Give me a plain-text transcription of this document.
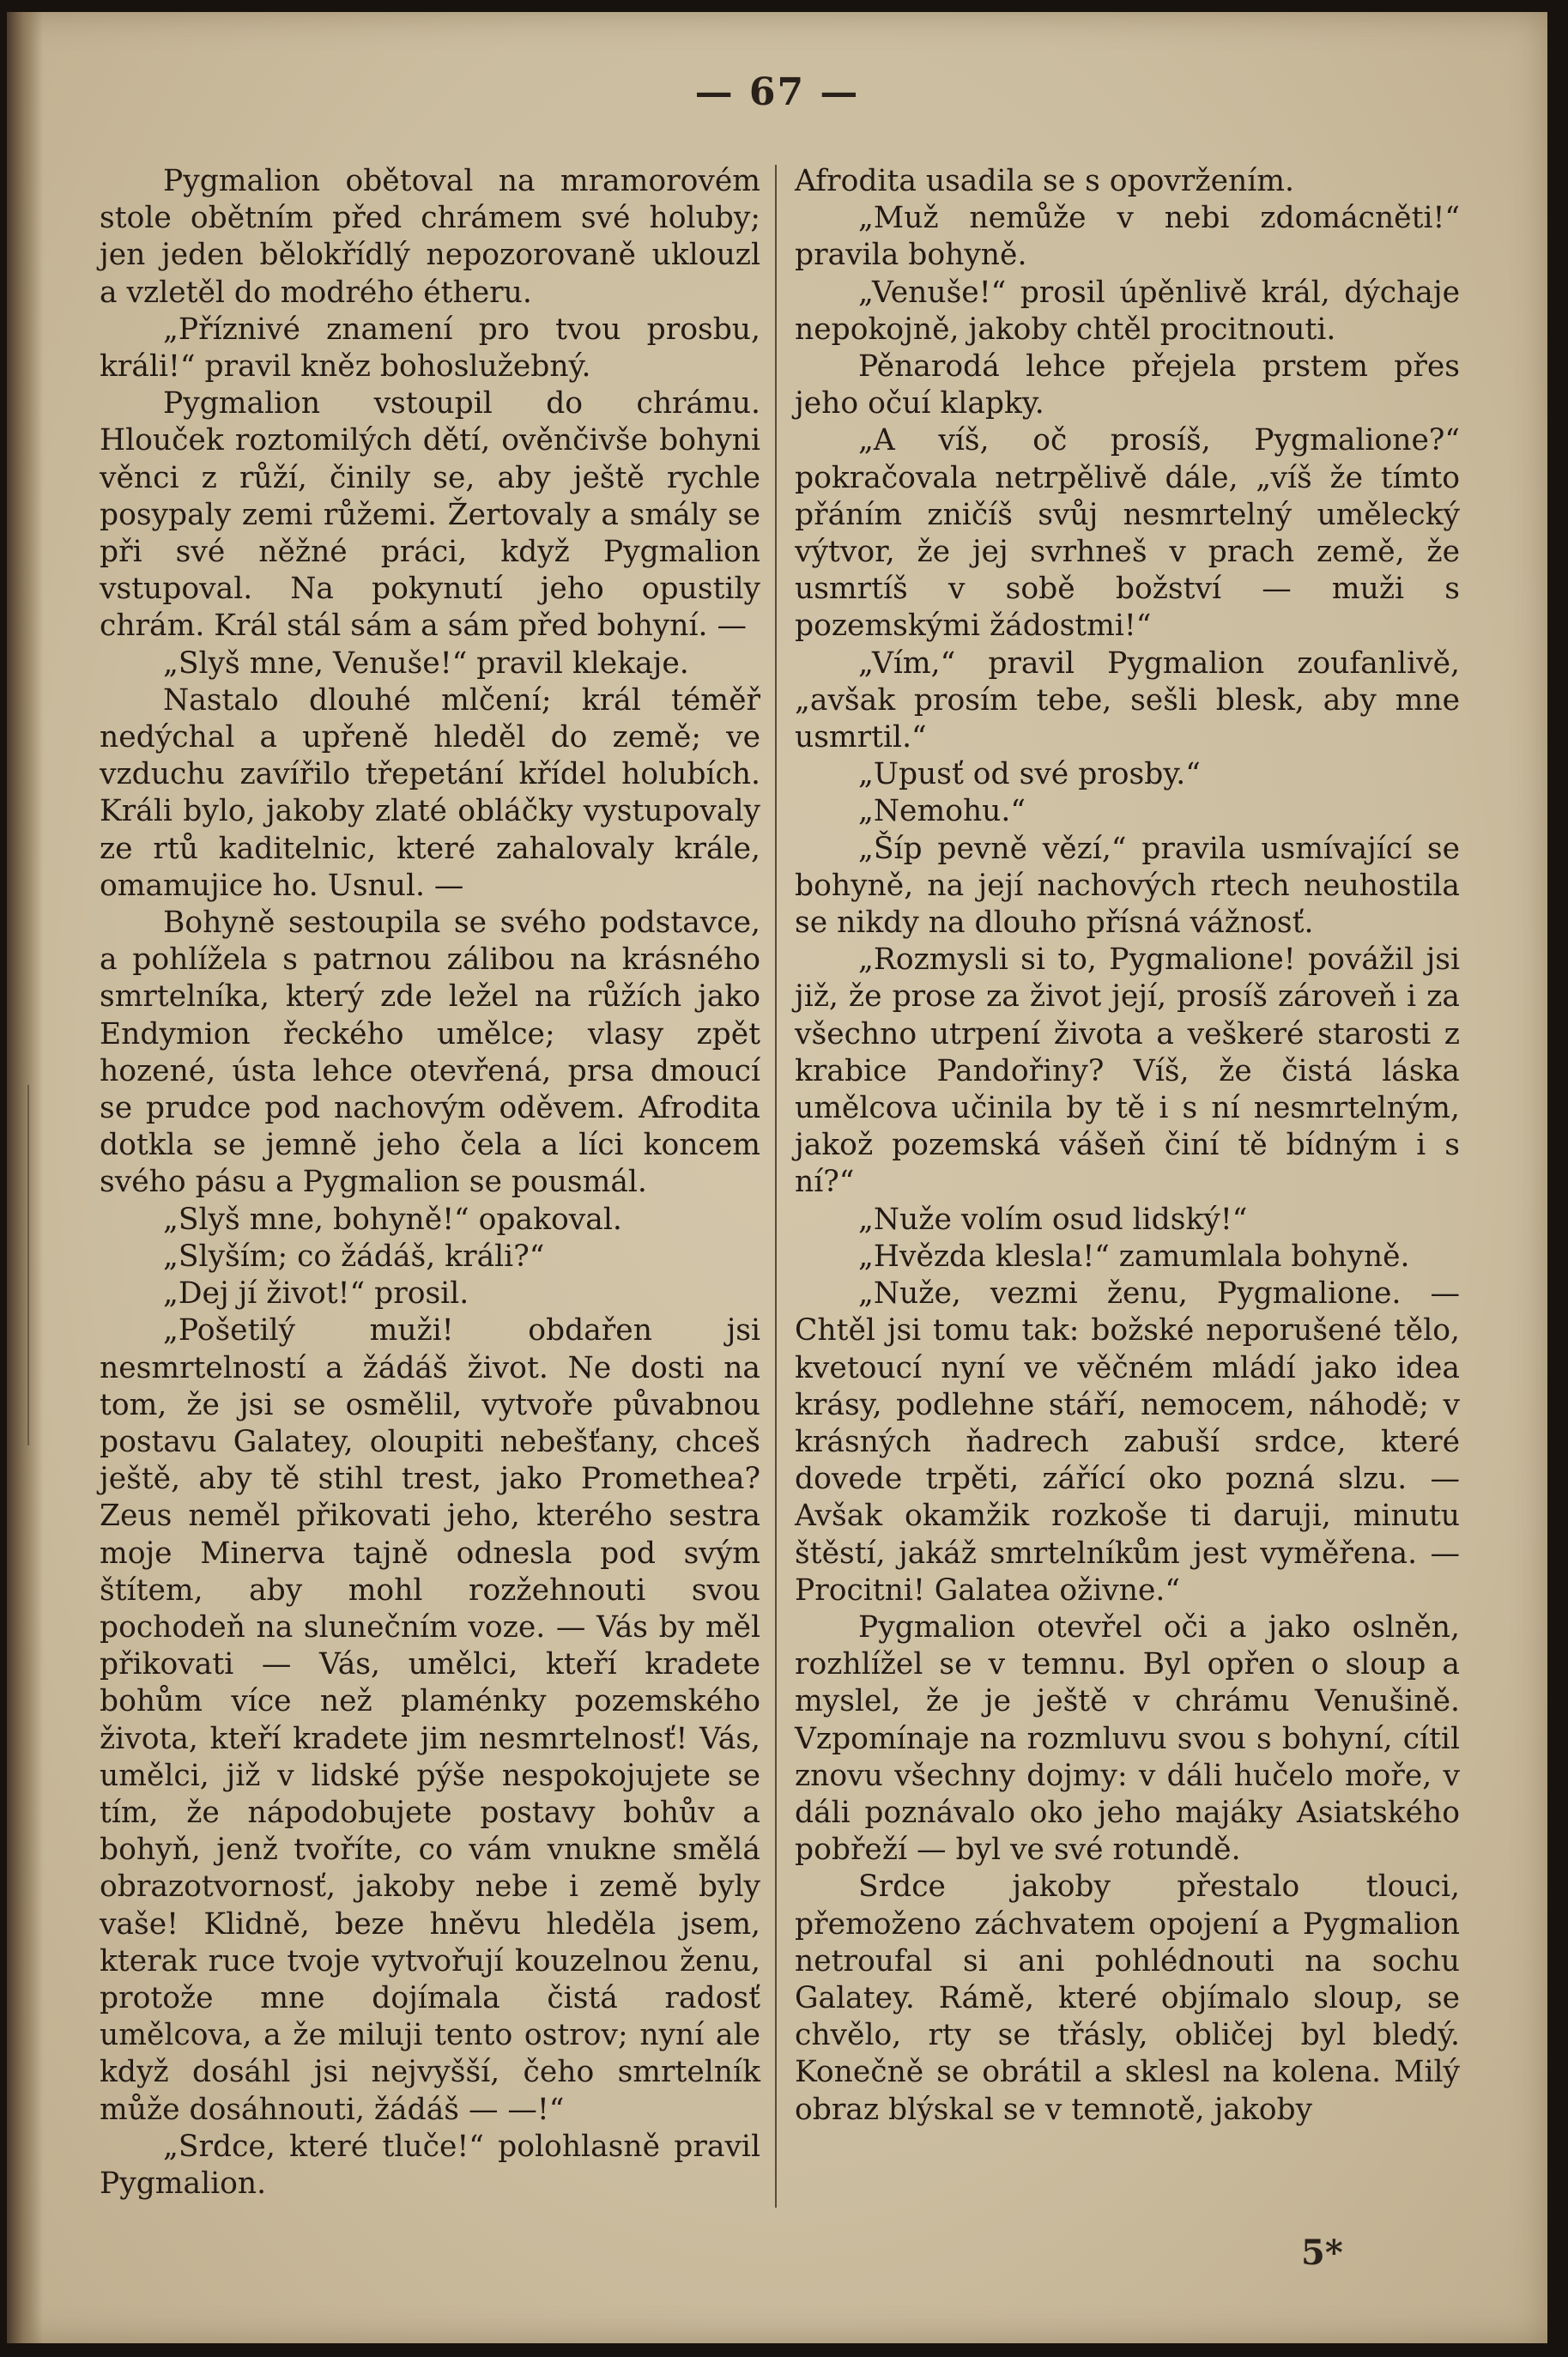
— 67 —

Pygmalion obětoval na mramorovém stole obětním před chrámem své holuby; jen jeden bělokřídlý nepozorovaně uklouzl a vzletěl do modrého étheru.

„Příznivé znamení pro tvou prosbu, králi!“ pravil kněz bohoslužebný.

Pygmalion vstoupil do chrámu. Hlouček roztomilých dětí, ověnčivše bohyni věnci z růží, činily se, aby ještě rychle posypaly zemi růžemi. Žertovaly a smály se při své něžné práci, když Pygmalion vstupoval. Na pokynutí jeho opustily chrám. Král stál sám a sám před bohyní. —

„Slyš mne, Venuše!“ pravil klekaje.

Nastalo dlouhé mlčení; král téměř nedýchal a upřeně hleděl do země; ve vzduchu zavířilo třepetání křídel holubích. Králi bylo, jakoby zlaté obláčky vystupovaly ze rtů kaditelnic, které zahalovaly krále, omamujice ho. Usnul. —

Bohyně sestoupila se svého podstavce, a pohlížela s patrnou zálibou na krásného smrtelníka, který zde ležel na růžích jako Endymion řeckého umělce; vlasy zpět hozené, ústa lehce otevřená, prsa dmoucí se prudce pod nachovým oděvem. Afrodita dotkla se jemně jeho čela a líci koncem svého pásu a Pygmalion se pousmál.

„Slyš mne, bohyně!“ opakoval.

„Slyším; co žádáš, králi?“

„Dej jí život!“ prosil.

„Pošetilý muži! obdařen jsi nesmrtelností a žádáš život. Ne dosti na tom, že jsi se osmělil, vytvoře půvabnou postavu Galatey, oloupiti nebešťany, chceš ještě, aby tě stihl trest, jako Promethea? Zeus neměl přikovati jeho, kterého sestra moje Minerva tajně odnesla pod svým štítem, aby mohl rozžehnouti svou pochodeň na slunečním voze. — Vás by měl přikovati — Vás, umělci, kteří kradete bohům více než plaménky pozemského života, kteří kradete jim nesmrtelnosť! Vás, umělci, již v lidské pýše nespokojujete se tím, že nápodobujete postavy bohův a bohyň, jenž tvoříte, co vám vnukne smělá obrazotvornosť, jakoby nebe i země byly vaše! Klidně, beze hněvu hleděla jsem, kterak ruce tvoje vytvořují kouzelnou ženu, protože mne dojímala čistá radosť umělcova, a že miluji tento ostrov; nyní ale když dosáhl jsi nejvyšší, čeho smrtelník může dosáhnouti, žádáš — —!“

„Srdce, které tluče!“ polohlasně pravil Pygmalion.

Afrodita usadila se s opovržením.

„Muž nemůže v nebi zdomácněti!“ pravila bohyně.

„Venuše!“ prosil úpěnlivě král, dýchaje nepokojně, jakoby chtěl procitnouti.

Pěnarodá lehce přejela prstem přes jeho očuí klapky.

„A víš, oč prosíš, Pygmalione?“ pokračovala netrpělivě dále, „víš že tímto přáním zničíš svůj nesmrtelný umělecký výtvor, že jej svrhneš v prach země, že usmrtíš v sobě božství — muži s pozemskými žádostmi!“

„Vím,“ pravil Pygmalion zoufanlivě, „avšak prosím tebe, sešli blesk, aby mne usmrtil.“

„Upusť od své prosby.“

„Nemohu.“

„Šíp pevně vězí,“ pravila usmívající se bohyně, na její nachových rtech neuhostila se nikdy na dlouho přísná vážnosť.

„Rozmysli si to, Pygmalione! povážil jsi již, že prose za život její, prosíš zároveň i za všechno utrpení života a veškeré starosti z krabice Pandořiny? Víš, že čistá láska umělcova učinila by tě i s ní nesmrtelným, jakož pozemská vášeň činí tě bídným i s ní?“

„Nuže volím osud lidský!“

„Hvězda klesla!“ zamumlala bohyně.

„Nuže, vezmi ženu, Pygmalione. — Chtěl jsi tomu tak: božské neporušené tělo, kvetoucí nyní ve věčném mládí jako idea krásy, podlehne stáří, nemocem, náhodě; v krásných ňadrech zabuší srdce, které dovede trpěti, zářící oko pozná slzu. — Avšak okamžik rozkoše ti daruji, minutu štěstí, jakáž smrtelníkům jest vyměřena. — Procitni! Galatea oživne.“

Pygmalion otevřel oči a jako oslněn, rozhlížel se v temnu. Byl opřen o sloup a myslel, že je ještě v chrámu Venušině. Vzpomínaje na rozmluvu svou s bohyní, cítil znovu všechny dojmy: v dáli hučelo moře, v dáli poznávalo oko jeho majáky Asiatského pobřeží — byl ve své rotundě.

Srdce jakoby přestalo tlouci, přemoženo záchvatem opojení a Pygmalion netroufal si ani pohlédnouti na sochu Galatey. Rámě, které objímalo sloup, se chvělo, rty se třásly, obličej byl bledý. Konečně se obrátil a sklesl na kolena. Milý obraz blýskal se v temnotě, jakoby

5*
